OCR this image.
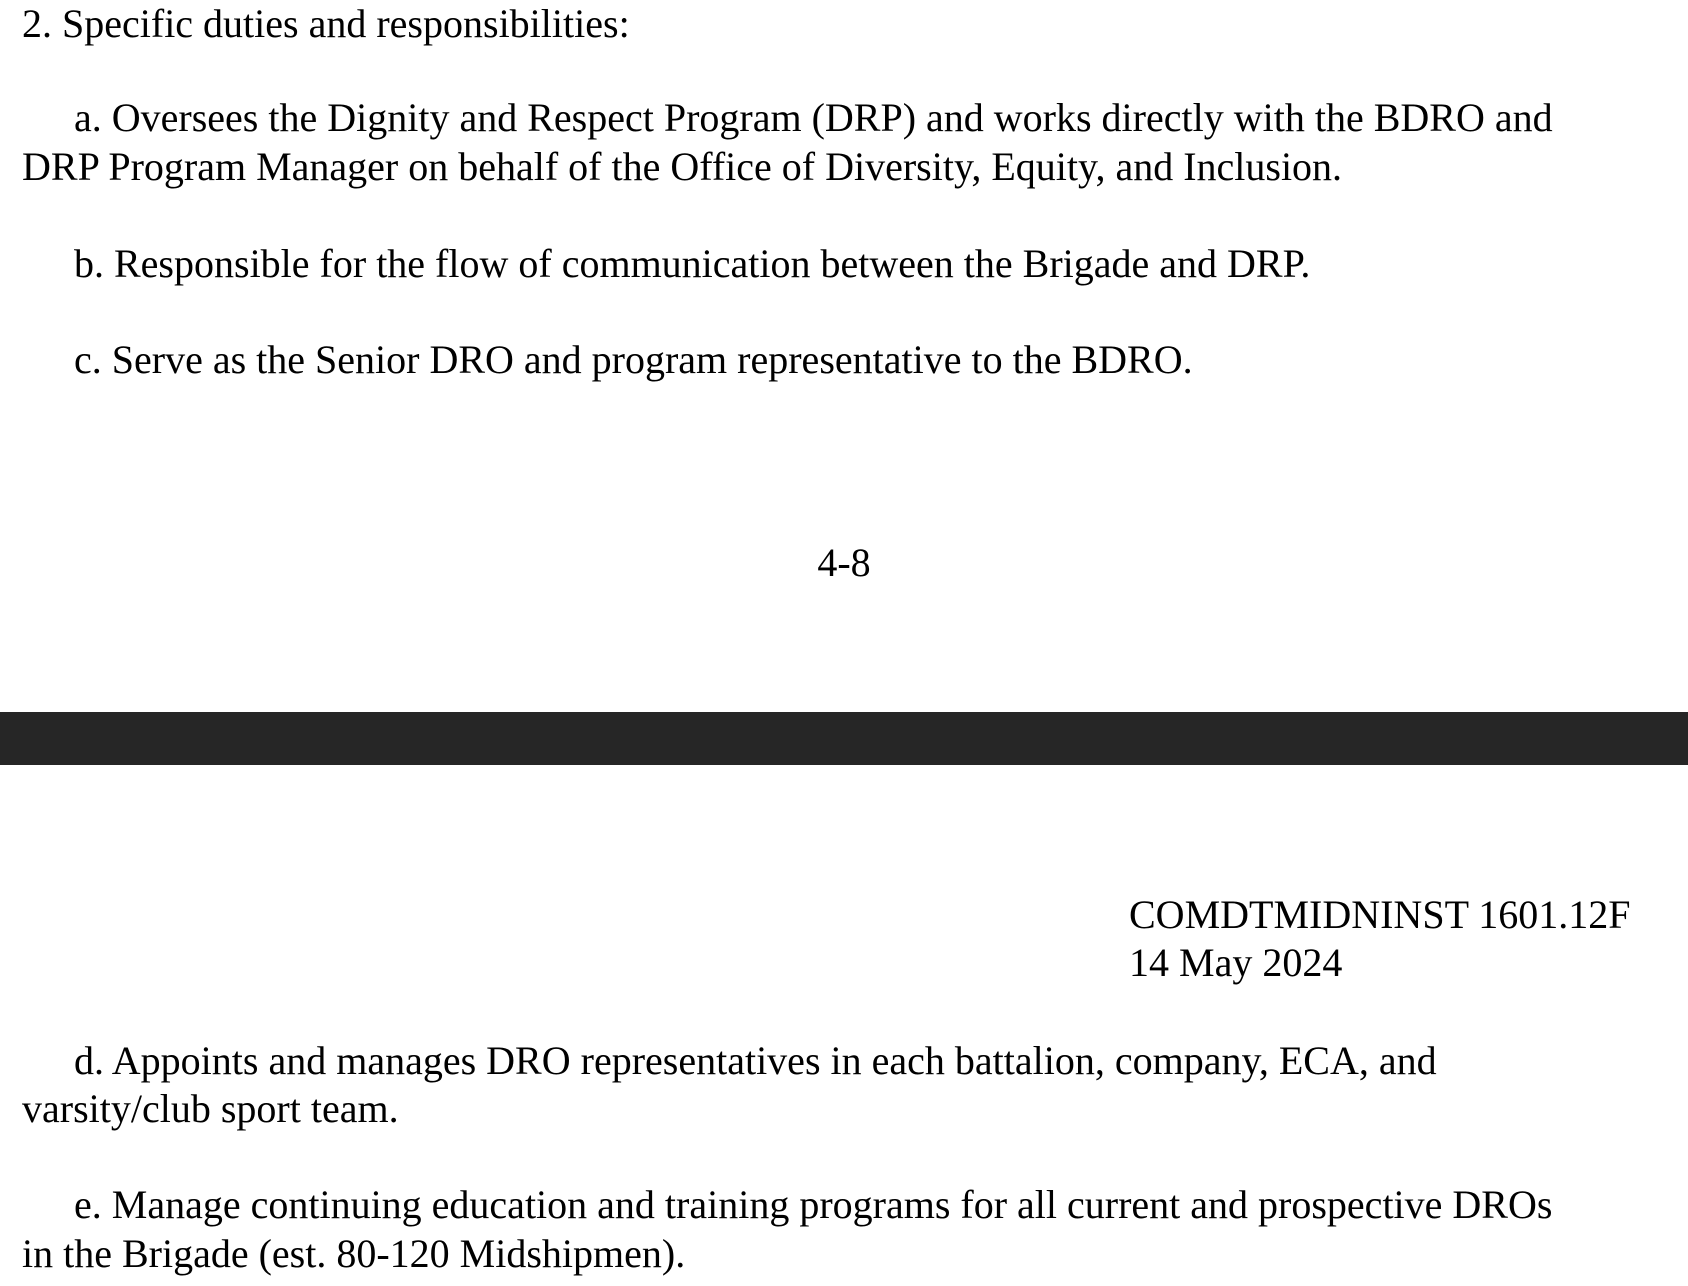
2. Specific duties and responsibilities:

a. Oversees the Dignity and Respect Program (DRP) and works directly with the BDRO and

DRP Program Manager on behalf of the Office of Diversity, Equity, and Inclusion.

b. Responsible for the flow of communication between the Brigade and DRP.

c. Serve as the Senior DRO and program representative to the BDRO.

4-8

COMDTMIDNINST 1601.12F
14 May 2024

d. Appoints and manages DRO representatives in each battalion, company, ECA, and

varsity/club sport team.

e. Manage continuing education and training programs for all current and prospective DROs

in the Brigade (est. 80-120 Midshipmen).
